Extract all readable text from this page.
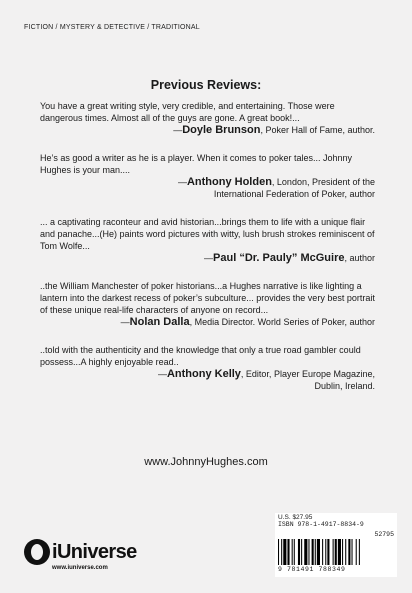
FICTION / MYSTERY & DETECTIVE / TRADITIONAL
Previous Reviews:

You have a great writing style, very credible, and entertaining. Those were dangerous times. Almost all of the guys are gone. A great book!...

—Doyle Brunson, Poker Hall of Fame, author.

He’s as good a writer as he is a player. When it comes to poker tales... Johnny Hughes is your man....

—Anthony Holden, London, President of the
International Federation of Poker, author

... a captivating raconteur and avid historian...brings them to life with a unique flair and panache...(He) paints word pictures with witty, lush brush strokes reminiscent of Tom Wolfe...

—Paul “Dr. Pauly” McGuire, author

..the William Manchester of poker historians...a Hughes narrative is like lighting a lantern into the darkest recess of poker’s subculture... provides the very best portrait of these unique real-life characters of anyone on record...

—Nolan Dalla, Media Director. World Series of Poker, author

..told with the authenticity and the knowledge that only a true road gambler could possess...A highly enjoyable read..

—Anthony Kelly, Editor, Player Europe Magazine,
Dublin, Ireland.

www.JohnnyHughes.com
iUniverse
www.iuniverse.com
U.S. $27.95
ISBN 978-1-4917-8834-9
52795
9 781491 788349
